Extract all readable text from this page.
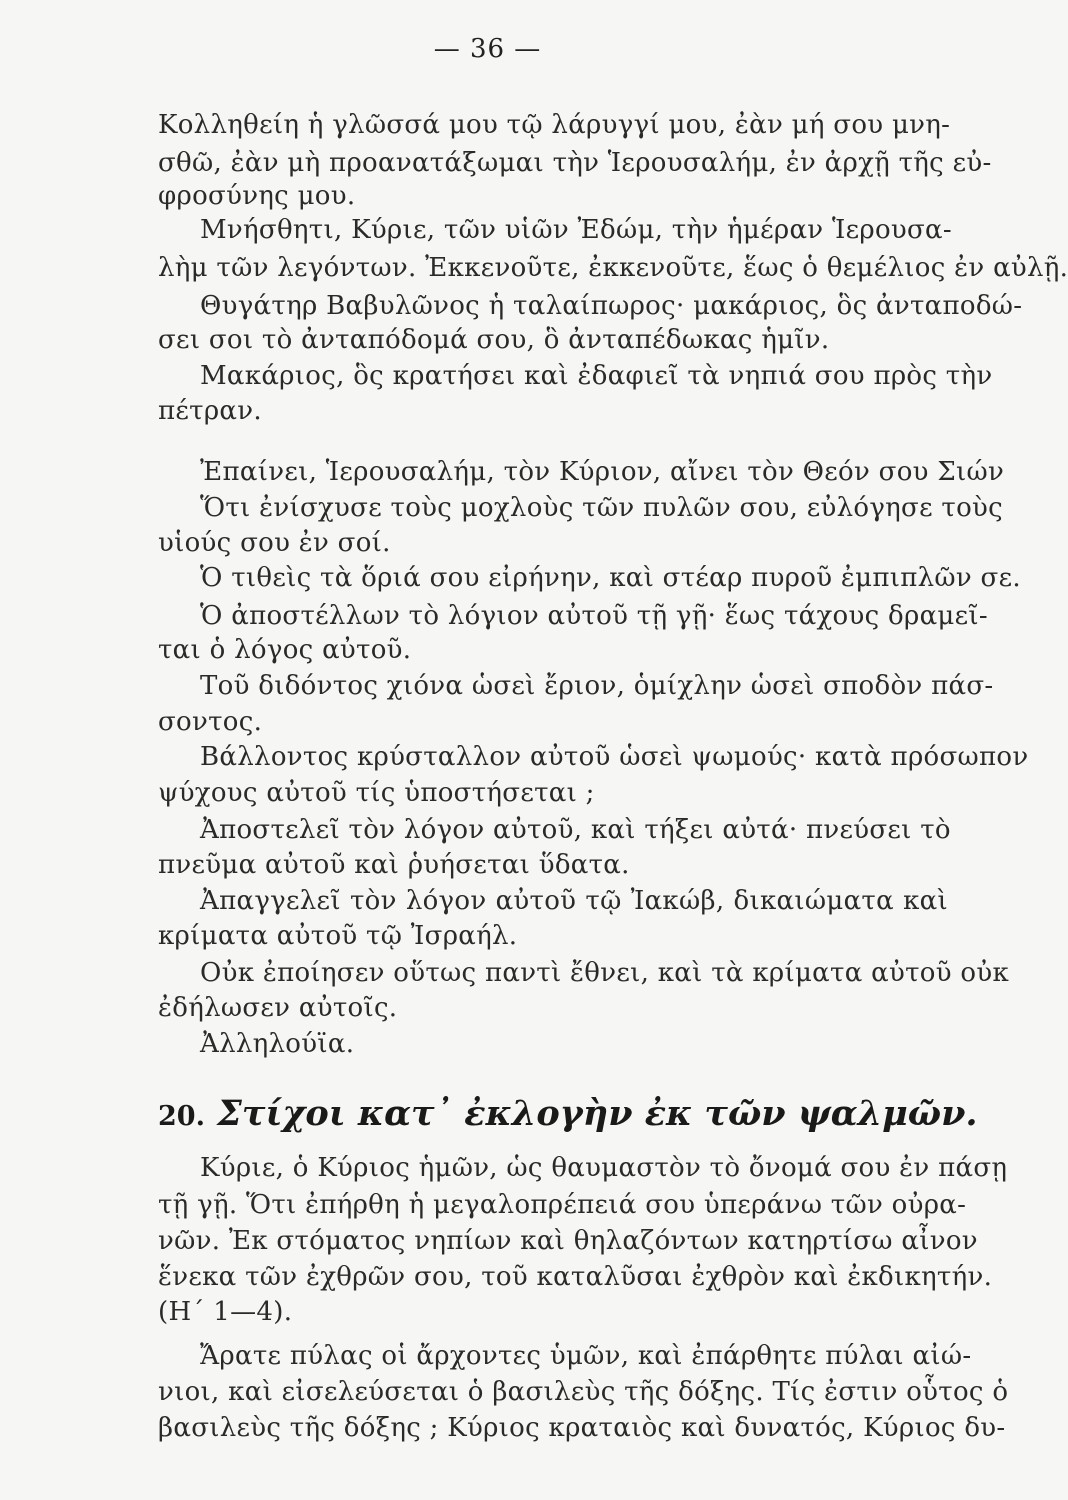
— 36 —
Κολληθείη ἡ γλῶσσά μου τῷ λάρυγγί μου, ἐὰν μή σου μνη-
σθῶ, ἐὰν μὴ προανατάξωμαι τὴν Ἱερουσαλήμ, ἐν ἀρχῇ τῆς εὐ-
φροσύνης μου.
Μνήσθητι, Κύριε, τῶν υἱῶν Ἐδώμ, τὴν ἡμέραν Ἱερουσα-
λὴμ τῶν λεγόντων. Ἐκκενοῦτε, ἐκκενοῦτε, ἕως ὁ θεμέλιος ἐν αὐλῇ.
Θυγάτηρ Βαβυλῶνος ἡ ταλαίπωρος· μακάριος, ὃς ἀνταποδώ-
σει σοι τὸ ἀνταπόδομά σου, ὃ ἀνταπέδωκας ἡμῖν.
Μακάριος, ὃς κρατήσει καὶ ἐδαφιεῖ τὰ νηπιά σου πρὸς τὴν
πέτραν.
Ἐπαίνει, Ἱερουσαλήμ, τὸν Κύριον, αἴνει τὸν Θεόν σου Σιών
Ὅτι ἐνίσχυσε τοὺς μοχλοὺς τῶν πυλῶν σου, εὐλόγησε τοὺς
υἱούς σου ἐν σοί.
Ὁ τιθεὶς τὰ ὅριά σου εἰρήνην, καὶ στέαρ πυροῦ ἐμπιπλῶν σε.
Ὁ ἀποστέλλων τὸ λόγιον αὐτοῦ τῇ γῇ· ἕως τάχους δραμεῖ-
ται ὁ λόγος αὐτοῦ.
Τοῦ διδόντος χιόνα ὡσεὶ ἔριον, ὁμίχλην ὡσεὶ σποδὸν πάσ-
σοντος.
Βάλλοντος κρύσταλλον αὐτοῦ ὡσεὶ ψωμούς· κατὰ πρόσωπον
ψύχους αὐτοῦ τίς ὑποστήσεται ;
Ἀποστελεῖ τὸν λόγον αὐτοῦ, καὶ τήξει αὐτά· πνεύσει τὸ
πνεῦμα αὐτοῦ καὶ ῥυήσεται ὕδατα.
Ἀπαγγελεῖ τὸν λόγον αὐτοῦ τῷ Ἰακώβ, δικαιώματα καὶ
κρίματα αὐτοῦ τῷ Ἰσραήλ.
Οὐκ ἐποίησεν οὕτως παντὶ ἔθνει, καὶ τὰ κρίματα αὐτοῦ οὐκ
ἐδήλωσεν αὐτοῖς.
Ἀλληλούϊα.
20. Στίχοι κατ᾽ ἐκλογὴν ἐκ τῶν ψαλμῶν.
Κύριε, ὁ Κύριος ἡμῶν, ὡς θαυμαστὸν τὸ ὄνομά σου ἐν πάσῃ
τῇ γῇ. Ὅτι ἐπήρθη ἡ μεγαλοπρέπειά σου ὑπεράνω τῶν οὐρα-
νῶν. Ἐκ στόματος νηπίων καὶ θηλαζόντων κατηρτίσω αἶνον
ἕνεκα τῶν ἐχθρῶν σου, τοῦ καταλῦσαι ἐχθρὸν καὶ ἐκδικητήν.
(Η΄ 1—4).
Ἄρατε πύλας οἱ ἄρχοντες ὑμῶν, καὶ ἐπάρθητε πύλαι αἰώ-
νιοι, καὶ εἰσελεύσεται ὁ βασιλεὺς τῆς δόξης. Τίς ἐστιν οὗτος ὁ
βασιλεὺς τῆς δόξης ; Κύριος κραταιὸς καὶ δυνατός, Κύριος δυ-
